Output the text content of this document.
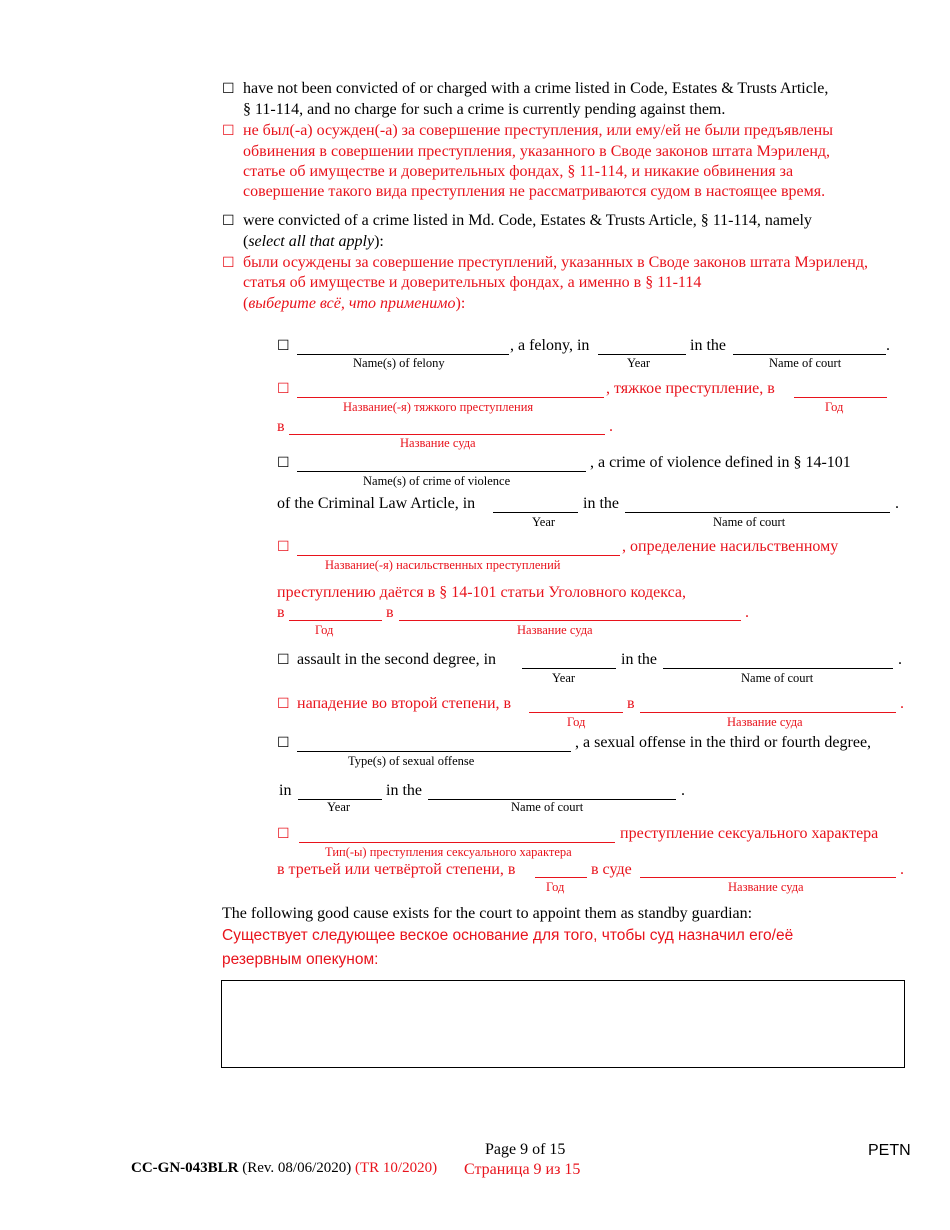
☐ have not been convicted of or charged with a crime listed in Code, Estates & Trusts Article,
§ 11-114, and no charge for such a crime is currently pending against them.
☐ не был(-а) осужден(-а) за совершение преступления, или ему/ей не были предъявлены
обвинения в совершении преступления, указанного в Своде законов штата Мэриленд,
статье об имуществе и доверительных фондах, § 11-114, и никакие обвинения за
совершение такого вида преступления не рассматриваются судом в настоящее время.
☐ were convicted of a crime listed in Md. Code, Estates & Trusts Article, § 11-114, namely
(select all that apply):
☐ были осуждены за совершение преступлений, указанных в Своде законов штата Мэриленд,
статья об имуществе и доверительных фондах, а именно в § 11-114
(выберите всё, что применимо):
☐	, a felony, in	in the	.
Name(s) of felony	Year	Name of court
☐	, тяжкое преступление, в
Название(-я) тяжкого преступления	Год
в	.
Название суда
☐	, a crime of violence defined in § 14-101
Name(s) of crime of violence
of the Criminal Law Article, in	in the	.
Year	Name of court
☐	, определение насильственному
Название(-я) насильственных преступлений
преступлению даётся в § 14-101 статьи Уголовного кодекса,
в	в	.
Год	Название суда
☐ assault in the second degree, in	in the	.
Year	Name of court
☐ нападение во второй степени, в	в	.
Год	Название суда
☐	, a sexual offense in the third or fourth degree,
Type(s) of sexual offense
in	in the	.
Year	Name of court
☐	преступление сексуального характера
Тип(-ы) преступления сексуального характера
в третьей или четвёртой степени, в	в суде	.
Год	Название суда
The following good cause exists for the court to appoint them as standby guardian:
Существует следующее веское основание для того, чтобы суд назначил его/её
резервным опекуном:
Page 9 of 15
Страница 9 из 15
PETN
CC-GN-043BLR (Rev. 08/06/2020) (TR 10/2020)
